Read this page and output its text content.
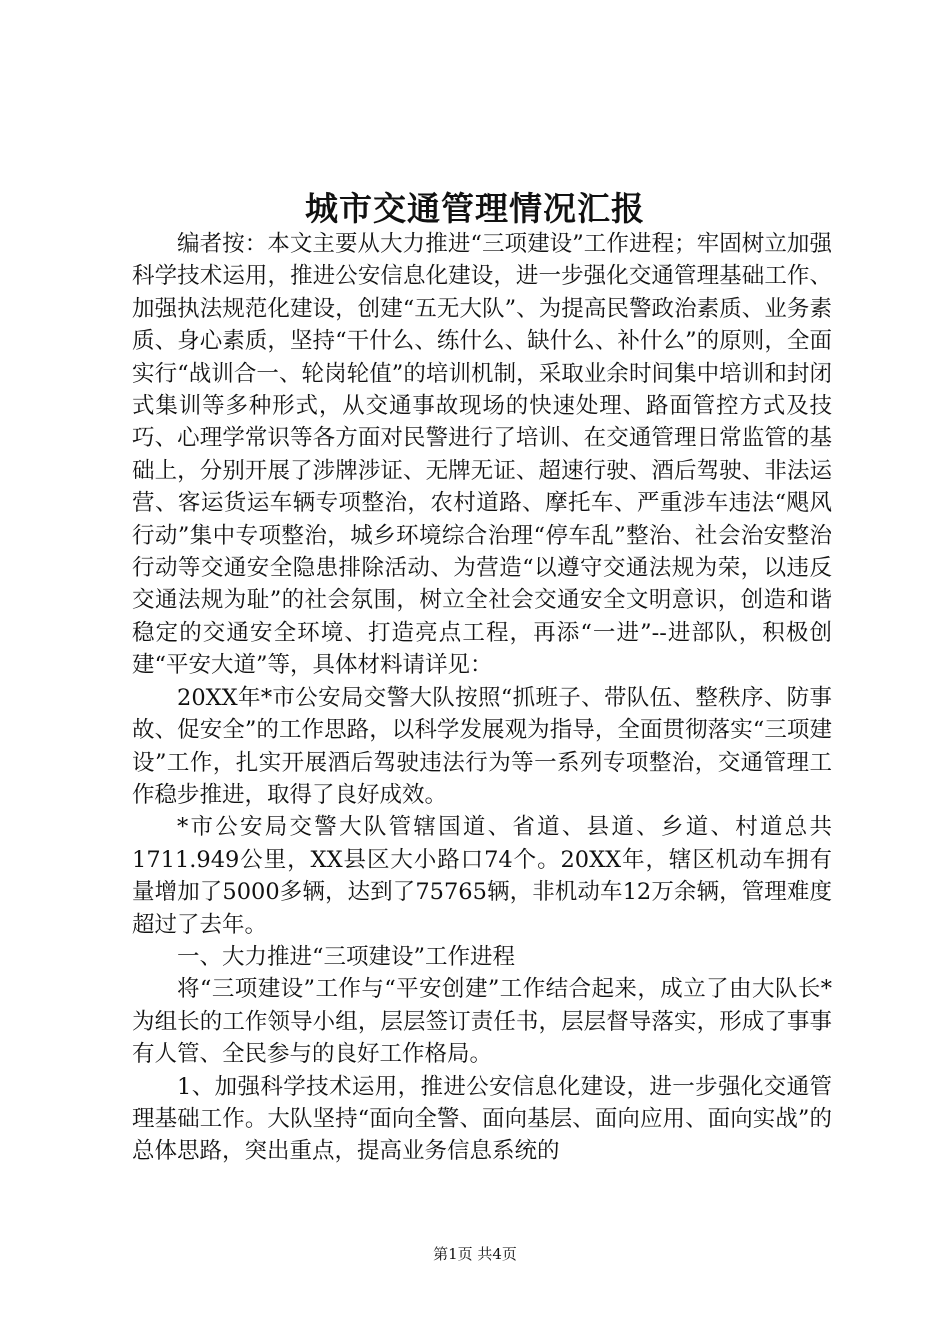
城市交通管理情况汇报

编者按：本文主要从大力推进“三项建设”工作进程；牢固树立加强科学技术运用，推进公安信息化建设，进一步强化交通管理基础工作、加强执法规范化建设，创建“五无大队”、为提高民警政治素质、业务素质、身心素质，坚持“干什么、练什么、缺什么、补什么”的原则，全面实行“战训合一、轮岗轮值”的培训机制，采取业余时间集中培训和封闭式集训等多种形式，从交通事故现场的快速处理、路面管控方式及技巧、心理学常识等各方面对民警进行了培训、在交通管理日常监管的基础上，分别开展了涉牌涉证、无牌无证、超速行驶、酒后驾驶、非法运营、客运货运车辆专项整治，农村道路、摩托车、严重涉车违法“飓风行动”集中专项整治，城乡环境综合治理“停车乱”整治、社会治安整治行动等交通安全隐患排除活动、为营造“以遵守交通法规为荣，以违反交通法规为耻”的社会氛围，树立全社会交通安全文明意识，创造和谐稳定的交通安全环境、打造亮点工程，再添“一进”--进部队，积极创建“平安大道”等，具体材料请详见：

20XX年*市公安局交警大队按照“抓班子、带队伍、整秩序、防事故、促安全”的工作思路，以科学发展观为指导，全面贯彻落实“三项建设”工作，扎实开展酒后驾驶违法行为等一系列专项整治，交通管理工作稳步推进，取得了良好成效。

*市公安局交警大队管辖国道、省道、县道、乡道、村道总共1711.949公里，XX县区大小路口74个。20XX年，辖区机动车拥有量增加了5000多辆，达到了75765辆，非机动车12万余辆，管理难度超过了去年。

一、大力推进“三项建设”工作进程

将“三项建设”工作与“平安创建”工作结合起来，成立了由大队长*为组长的工作领导小组，层层签订责任书，层层督导落实，形成了事事有人管、全民参与的良好工作格局。

1、加强科学技术运用，推进公安信息化建设，进一步强化交通管理基础工作。大队坚持“面向全警、面向基层、面向应用、面向实战”的总体思路，突出重点，提高业务信息系统的

第1页 共4页
